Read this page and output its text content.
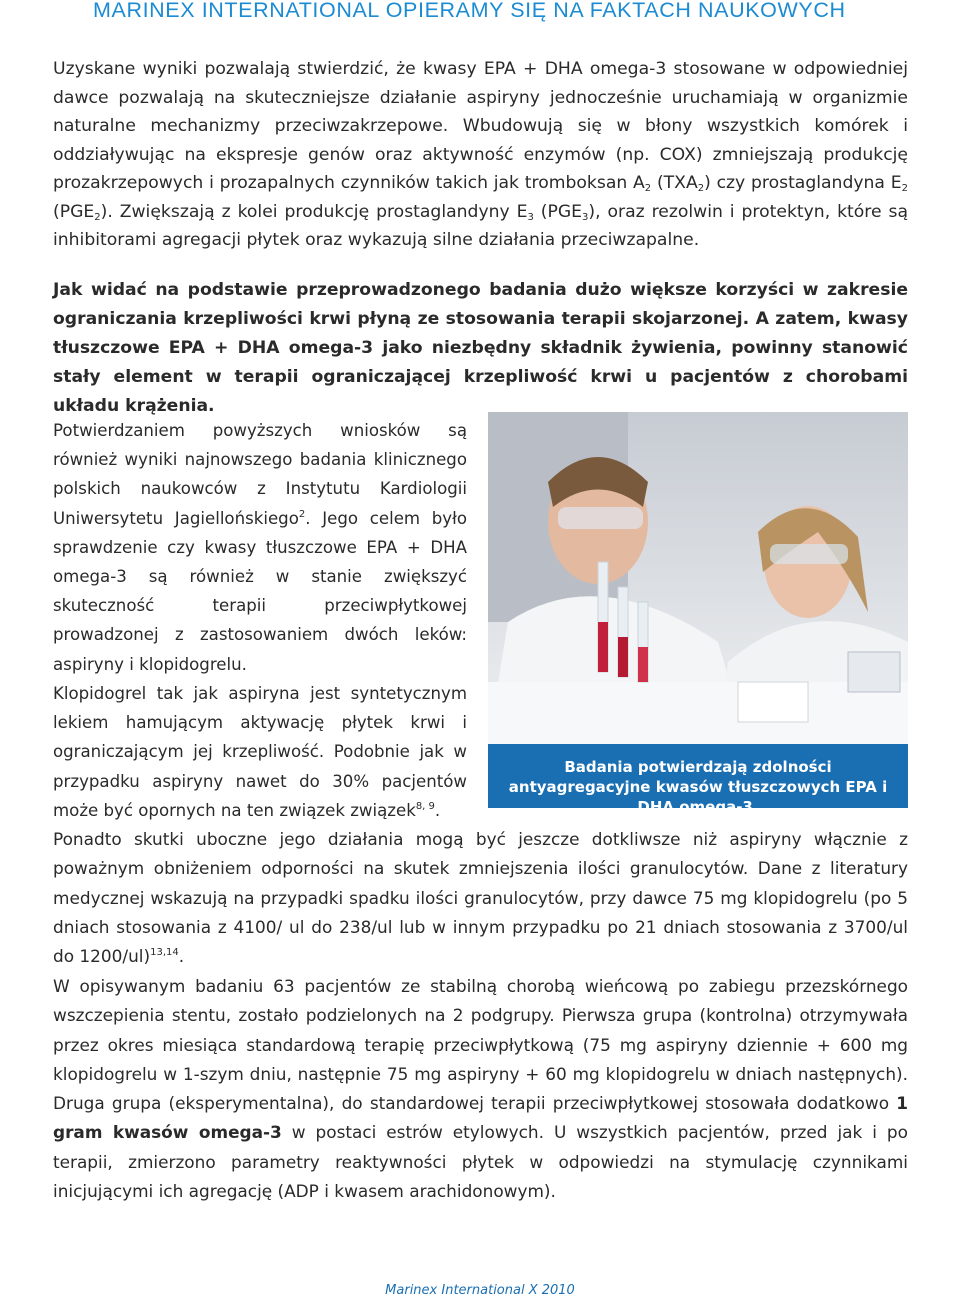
MARINEX INTERNATIONAL OPIERAMY SIĘ NA FAKTACH NAUKOWYCH

Uzyskane wyniki pozwalają stwierdzić, że kwasy EPA + DHA omega-3 stosowane w odpowiedniej dawce pozwalają na skuteczniejsze działanie aspiryny jednocześnie uruchamiają w organizmie naturalne mechanizmy przeciwzakrzepowe. Wbudowują się w błony wszystkich komórek i oddziaływując na ekspresje genów oraz aktywność enzymów (np. COX) zmniejszają produkcję prozakrzepowych i prozapalnych czynników takich jak tromboksan $A_2$ $(TXA_2)$ czy prostaglandyna $E_2$ $(PGE_2)$. Zwiększają z kolei produkcję prostaglandyny $E_3$ $(PGE_3)$, oraz rezolwin i protektyn, które są inhibitorami agregacji płytek oraz wykazują silne działania przeciwzapalne.

Jak widać na podstawie przeprowadzonego badania dużo większe korzyści w zakresie ograniczania krzepliwości krwi płyną ze stosowania terapii skojarzonej. A zatem, kwasy tłuszczowe EPA + DHA omega-3 jako niezbędny składnik żywienia, powinny stanowić stały element w terapii ograniczającej krzepliwość krwi u pacjentów z chorobami układu krążenia.

Potwierdzaniem powyższych wniosków są również wyniki najnowszego badania klinicznego polskich naukowców z Instytutu Kardiologii Uniwersytetu Jagiellońskiego$^2$. Jego celem było sprawdzenie czy kwasy tłuszczowe EPA + DHA omega-3 są również w stanie zwiększyć skuteczność terapii przeciwpłytkowej prowadzonej z zastosowaniem dwóch leków: aspiryny i klopidogrelu.

Klopidogrel tak jak aspiryna jest syntetycznym lekiem hamującym aktywację płytek krwi i ograniczającym jej krzepliwość. Podobnie jak w przypadku aspiryny nawet do 30% pacjentów może być opornych na ten związek związek$^{8, 9}$.

Badania potwierdzają zdolności antyagregacyjne kwasów tłuszczowych EPA i DHA omega-3.

Ponadto skutki uboczne jego działania mogą być jeszcze dotkliwsze niż aspiryny włącznie z poważnym obniżeniem odporności na skutek zmniejszenia ilości granulocytów. Dane z literatury medycznej wskazują na przypadki spadku ilości granulocytów, przy dawce 75 mg klopidogrelu (po 5 dniach stosowania z 4100/ ul do 238/ul lub w innym przypadku po 21 dniach stosowania z 3700/ul do 1200/ul)$^{13,14}$.

W opisywanym badaniu 63 pacjentów ze stabilną chorobą wieńcową po zabiegu przezskórnego wszczepienia stentu, zostało podzielonych na 2 podgrupy. Pierwsza grupa (kontrolna) otrzymywała przez okres miesiąca standardową terapię przeciwpłytkową (75 mg aspiryny dziennie + 600 mg klopidogrelu w 1-szym dniu, następnie 75 mg aspiryny + 60 mg klopidogrelu w dniach następnych). Druga grupa (eksperymentalna), do standardowej terapii przeciwpłytkowej stosowała dodatkowo 1 gram kwasów omega-3 w postaci estrów etylowych. U wszystkich pacjentów, przed jak i po terapii, zmierzono parametry reaktywności płytek w odpowiedzi na stymulację czynnikami inicjującymi ich agregację (ADP i kwasem arachidonowym).

Marinex International X 2010
